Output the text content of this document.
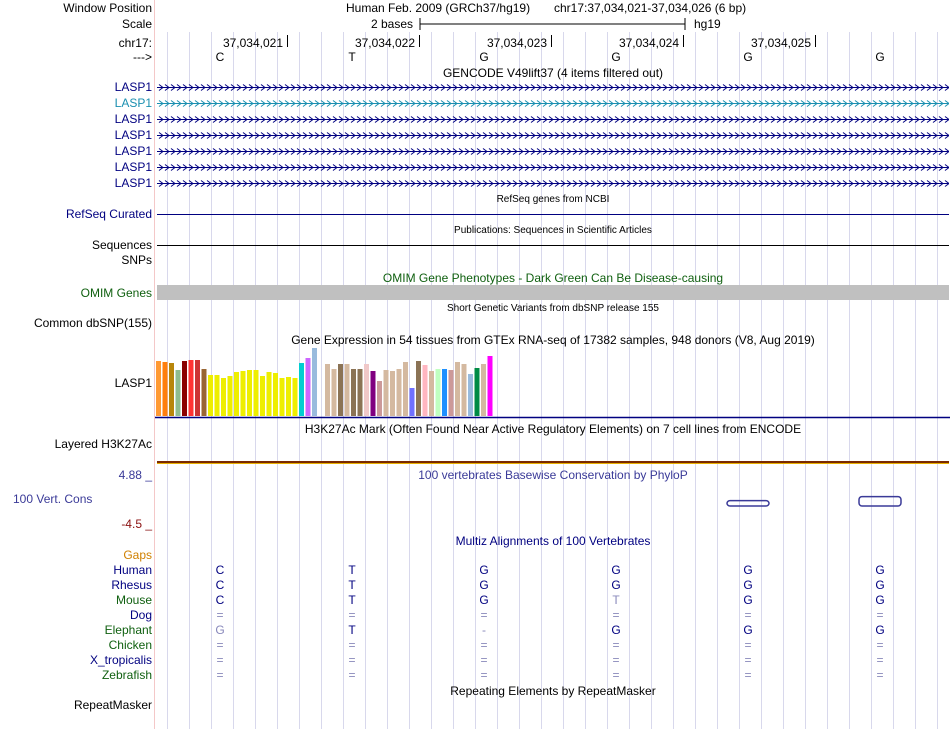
Window Position	Human Feb. 2009 (GRCh37/hg19) chr17:37,034,021-37,034,026 (6 bp)
Scale	2 bases	hg19
chr17:	37,034,021	37,034,022	37,034,023	37,034,024	37,034,025
--->	C	T	G	G	G	G
GENCODE V49lift37 (4 items filtered out)
LASP1
LASP1
LASP1
LASP1
LASP1
LASP1
LASP1
RefSeq genes from NCBI
RefSeq Curated
Publications: Sequences in Scientific Articles
Sequences
SNPs
OMIM Gene Phenotypes - Dark Green Can Be Disease-causing
OMIM Genes
Short Genetic Variants from dbSNP release 155
Common dbSNP(155)
Gene Expression in 54 tissues from GTEx RNA-seq of 17382 samples, 948 donors (V8, Aug 2019)
LASP1
H3K27Ac Mark (Often Found Near Active Regulatory Elements) on 7 cell lines from ENCODE
Layered H3K27Ac
4.88 _	100 vertebrates Basewise Conservation by PhyloP
100 Vert. Cons
-4.5 _
Multiz Alignments of 100 Vertebrates
Gaps
Human	C	T	G	G	G	G
Rhesus	C	T	G	G	G	G
Mouse	C	T	G	T	G	G
Dog	=	=	=	=	=	=
Elephant	G	T	-	G	G	G
Chicken	=	=	=	=	=	=
X_tropicalis	=	=	=	=	=	=
Zebrafish	=	=	=	=	=	=
Repeating Elements by RepeatMasker
RepeatMasker
